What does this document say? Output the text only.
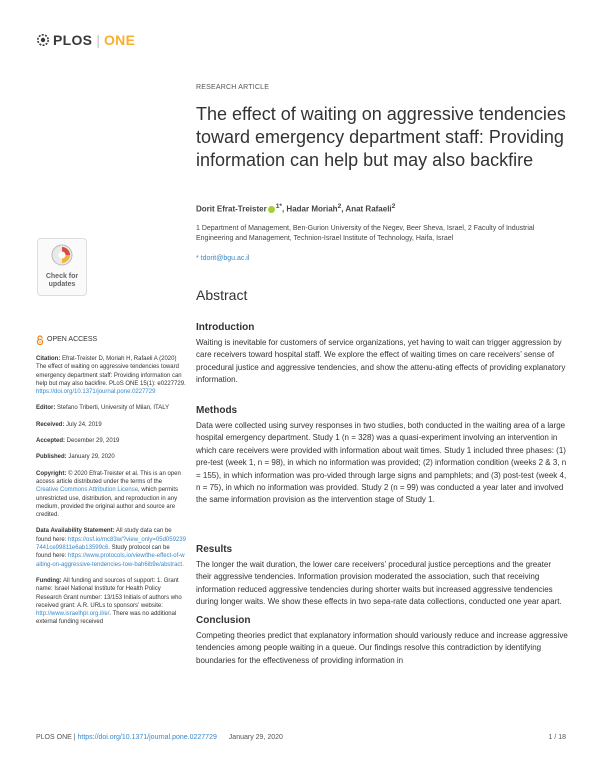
PLOS | ONE
Check for
updates
RESEARCH ARTICLE
The effect of waiting on aggressive tendencies toward emergency department staff: Providing information can help but may also backfire
Dorit Efrat-Treister $^{1*}$, Hadar Moriah$^2$, Anat Rafaeli$^2$
1 Department of Management, Ben-Gurion University of the Negev, Beer Sheva, Israel, 2 Faculty of Industrial Engineering and Management, Technion-Israel Institute of Technology, Haifa, Israel
* tdorit@bgu.ac.il
Abstract
Introduction

Waiting is inevitable for customers of service organizations, yet having to wait can trigger aggression by care receivers toward hospital staff. We explore the effect of waiting times on care receivers’ sense of procedural justice and aggressive tendencies, and show the attenu-ating effects of providing explanatory information.

Methods

Data were collected using survey responses in two studies, both conducted in the waiting area of a large hospital emergency department. Study 1 (n = 328) was a quasi-experiment involving an intervention in which care receivers were provided with information about wait times. Study 1 included three phases: (1) pre-test (week 1, n = 98), in which no information was provided; (2) information condition (weeks 2 & 3, n = 155), in which information was pro-vided through large signs and pamphlets; and (3) post-test (week 4, n = 75), in which no information was provided. Study 2 (n = 99) was conducted a year later and involved the same information provision as the intervention stage of Study 1.

Results

The longer the wait duration, the lower care receivers’ procedural justice perceptions and the greater their aggressive tendencies. Information provision moderated the association, such that receiving information reduced aggressive tendencies during shorter waits but increased aggressive tendencies during longer waits. We show these effects in two sepa-rate data collections, conducted one year apart.

Conclusion

Competing theories predict that explanatory information should variously reduce and increase aggressive tendencies among people waiting in a queue. Our findings resolve this contradiction by identifying boundaries for the effectiveness of providing information in

OPEN ACCESS
Citation: Efrat-Treister D, Moriah H, Rafaeli A (2020) The effect of waiting on aggressive tendencies toward emergency department staff: Providing information can help but may also backfire. PLoS ONE 15(1): e0227729. https://doi.org/10.1371/journal.pone.0227729
Editor: Stefano Triberti, University of Milan, ITALY
Received: July 24, 2019
Accepted: December 29, 2019
Published: January 29, 2020
Copyright: © 2020 Efrat-Treister et al. This is an open access article distributed under the terms of the Creative Commons Attribution License, which permits unrestricted use, distribution, and reproduction in any medium, provided the original author and source are credited.
Data Availability Statement: All study data can be found here: https://osf.io/mc83w/?view_only=05d0592397441ce99811e6ab13599c6. Study protocol can be found here: https://www.protocols.io/view/the-effect-of-waiting-on-aggressive-tendencies-tow-bah6ib9e/abstract.
Funding: All funding and sources of support: 1. Grant name: Israel National Institute for Health Policy Research Grant number: 13/153 Initials of authors who received grant: A.R. URLs to sponsors' website: http://www.israelhpr.org.il/e/. There was no additional external funding received
PLOS ONE | https://doi.org/10.1371/journal.pone.0227729 January 29, 2020	1 / 18
